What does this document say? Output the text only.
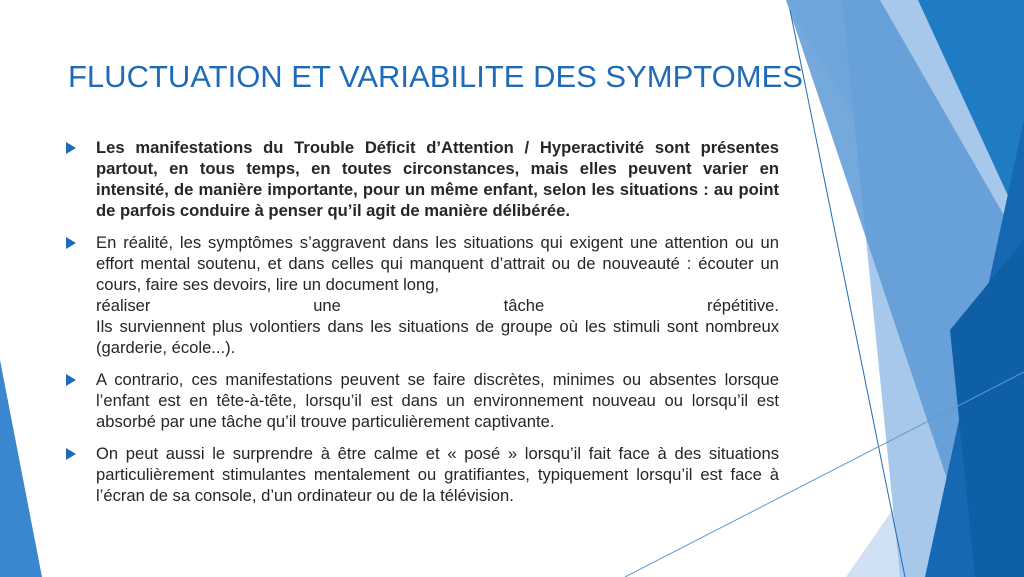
FLUCTUATION ET VARIABILITE DES SYMPTOMES
Les manifestations du Trouble Déficit d’Attention / Hyperactivité sont présentes partout, en tous temps, en toutes circonstances, mais elles peuvent varier en intensité, de manière importante, pour un même enfant, selon les situations : au point de parfois conduire à penser qu’il agit de manière délibérée.
En réalité, les symptômes s’aggravent dans les situations qui exigent une attention ou un effort mental soutenu, et dans celles qui manquent d’attrait ou de nouveauté : écouter un cours, faire ses devoirs, lire un document long,
réaliser	une	tâche	répétitive.
Ils surviennent plus volontiers dans les situations de groupe où les stimuli sont nombreux (garderie, école...).
A contrario, ces manifestations peuvent se faire discrètes, minimes ou absentes lorsque l’enfant est en tête-à-tête, lorsqu’il est dans un environnement nouveau ou lorsqu’il est absorbé par une tâche qu’il trouve particulièrement captivante.
On peut aussi le surprendre à être calme et « posé » lorsqu’il fait face à des situations particulièrement stimulantes mentalement ou gratifiantes, typiquement lorsqu’il est face à l’écran de sa console, d’un ordinateur ou de la télévision.
